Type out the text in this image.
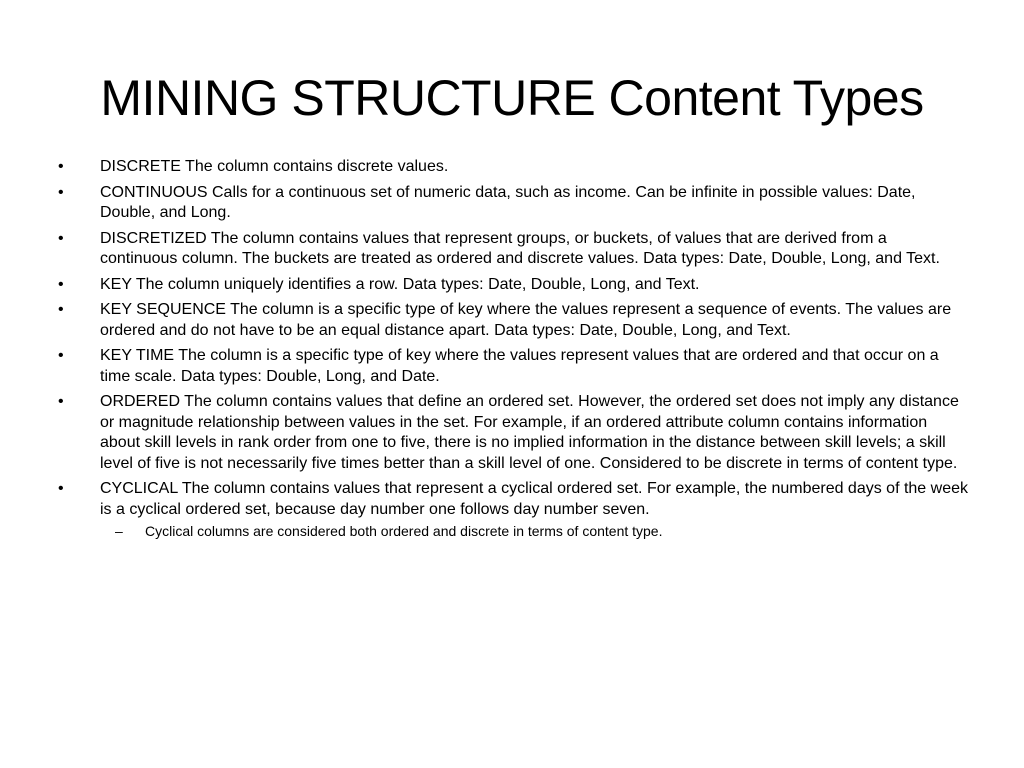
MINING STRUCTURE Content Types
•	DISCRETE The column contains discrete values.
•	CONTINUOUS Calls for a continuous set of numeric data, such as income. Can be infinite in possible values: Date, Double, and Long.
•	DISCRETIZED The column contains values that represent groups, or buckets, of values that are derived from a continuous column. The buckets are treated as ordered and discrete values. Data types: Date, Double, Long, and Text.
•	KEY The column uniquely identifies a row. Data types: Date, Double, Long, and Text.
•	KEY SEQUENCE The column is a specific type of key where the values represent a sequence of events. The values are ordered and do not have to be an equal distance apart. Data types: Date, Double, Long, and Text.
•	KEY TIME The column is a specific type of key where the values represent values that are ordered and that occur on a time scale. Data types: Double, Long, and Date.
•	ORDERED The column contains values that define an ordered set. However, the ordered set does not imply any distance or magnitude relationship between values in the set. For example, if an ordered attribute column contains information about skill levels in rank order from one to five, there is no implied information in the distance between skill levels; a skill level of five is not necessarily five times better than a skill level of one. Considered to be discrete in terms of content type.
•	CYCLICAL The column contains values that represent a cyclical ordered set. For example, the numbered days of the week is a cyclical ordered set, because day number one follows day number seven.
– Cyclical columns are considered both ordered and discrete in terms of content type.
